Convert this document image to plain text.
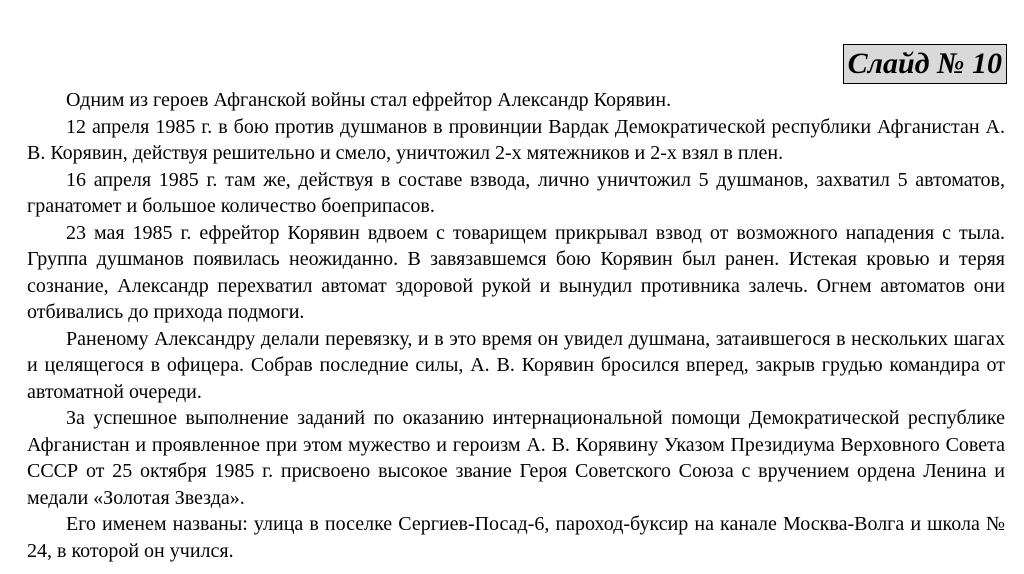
Слайд № 10

Одним из героев Афганской войны стал ефрейтор Александр Корявин.

12 апреля 1985 г. в бою против душманов в провинции Вардак Демократической республики Афганистан А. В. Корявин, действуя решительно и смело, уничтожил 2-х мятежников и 2-х взял в плен.

16 апреля 1985 г. там же, действуя в составе взвода, лично уничтожил 5 душманов, захватил 5 автоматов, гранатомет и большое количество боеприпасов.

23 мая 1985 г. ефрейтор Корявин вдвоем с товарищем прикрывал взвод от возможного нападения с тыла. Группа душманов появилась неожиданно. В завязавшемся бою Корявин был ранен. Истекая кровью и теряя сознание, Александр перехватил автомат здоровой рукой и вынудил противника залечь. Огнем автоматов они отбивались до прихода подмоги.

Раненому Александру делали перевязку, и в это время он увидел душмана, затаившегося в нескольких шагах и целящегося в офицера. Собрав последние силы, А. В. Корявин бросился вперед, закрыв грудью командира от автоматной очереди.

За успешное выполнение заданий по оказанию интернациональной помощи Демократической республике Афганистан и проявленное при этом мужество и героизм А. В. Корявину Указом Президиума Верховного Совета СССР от 25 октября 1985 г. присвоено высокое звание Героя Советского Союза с вручением ордена Ленина и медали «Золотая Звезда».

Его именем названы: улица в поселке Сергиев-Посад-6, пароход-буксир на канале Москва-Волга и школа № 24, в которой он учился.
